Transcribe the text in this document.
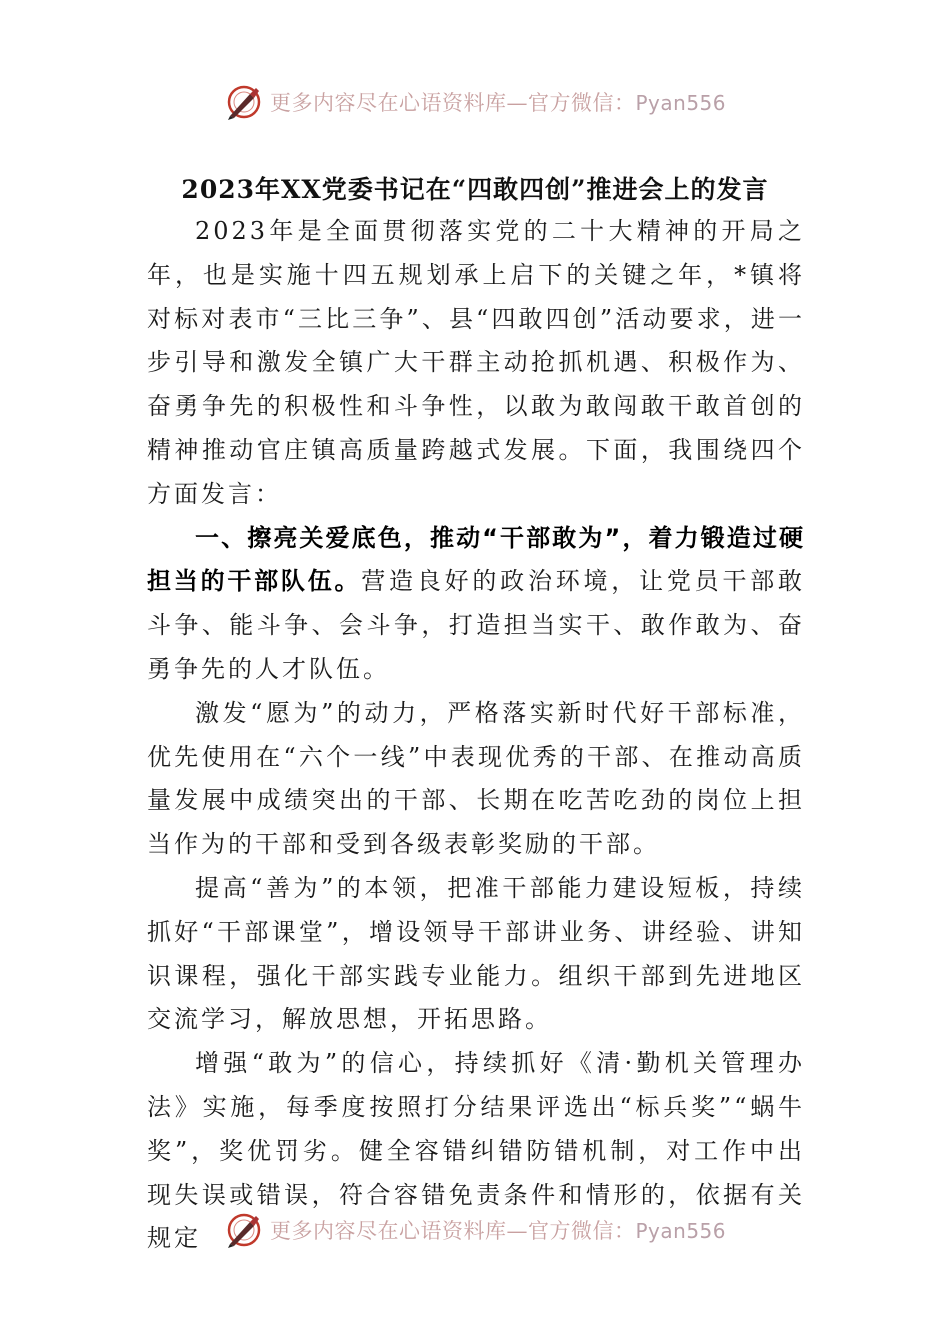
更多内容尽在心语资料库—官方微信：Pyan556
2023年XX党委书记在“四敢四创”推进会上的发言

2023年是全面贯彻落实党的二十大精神的开局之年，也是实施十四五规划承上启下的关键之年，*镇将对标对表市“三比三争”、县“四敢四创”活动要求，进一步引导和激发全镇广大干群主动抢抓机遇、积极作为、奋勇争先的积极性和斗争性，以敢为敢闯敢干敢首创的精神推动官庄镇高质量跨越式发展。下面，我围绕四个方面发言：

一、擦亮关爱底色，推动“干部敢为”，着力锻造过硬担当的干部队伍。营造良好的政治环境，让党员干部敢斗争、能斗争、会斗争，打造担当实干、敢作敢为、奋勇争先的人才队伍。

激发“愿为”的动力，严格落实新时代好干部标准，优先使用在“六个一线”中表现优秀的干部、在推动高质量发展中成绩突出的干部、长期在吃苦吃劲的岗位上担当作为的干部和受到各级表彰奖励的干部。

提高“善为”的本领，把准干部能力建设短板，持续抓好“干部课堂”，增设领导干部讲业务、讲经验、讲知识课程，强化干部实践专业能力。组织干部到先进地区交流学习，解放思想，开拓思路。

增强“敢为”的信心，持续抓好《清·勤机关管理办法》实施，每季度按照打分结果评选出“标兵奖”“蜗牛奖”，奖优罚劣。健全容错纠错防错机制，对工作中出现失误或错误，符合容错免责条件和情形的，依据有关规定	更多内容尽在心语资料库—官方微信：Pyan556
